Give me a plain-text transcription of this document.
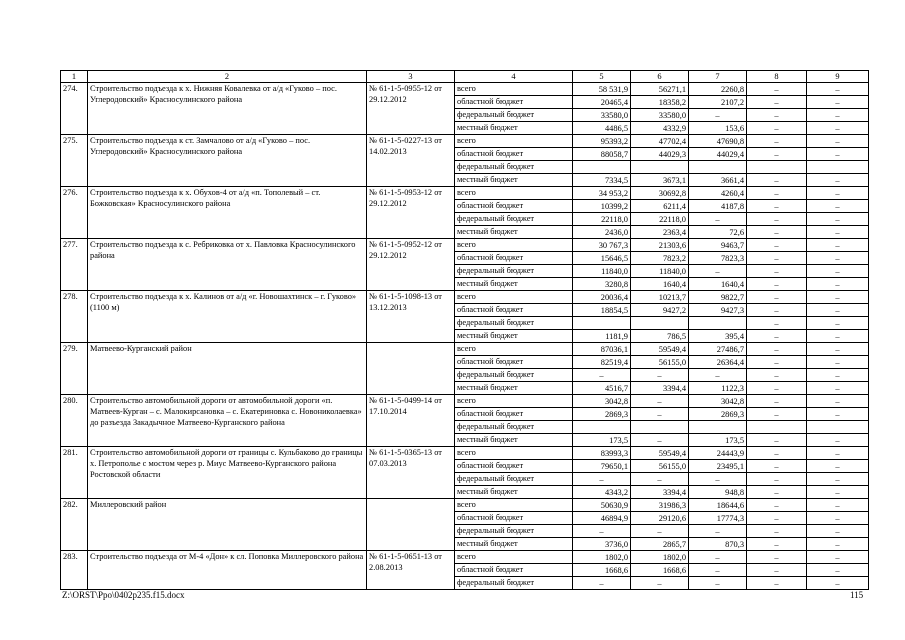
1	2	3	4	5	6	7	8	9
274.	Строительство подъезда к х. Нижняя Ковалевка от а/д «Гуково – пос. Углеродовский» Красносулинского района	№ 61-1-5-0955-12 от 29.12.2012	всего	58 531,9	56271,1	2260,8	–	–
			областной бюджет	20465,4	18358,2	2107,2	–	–
			федеральный бюджет	33580,0	33580,0	–	–	–
			местный бюджет	4486,5	4332,9	153,6	–	–
275.	Строительство подъезда к ст. Замчалово от а/д «Гуково – пос. Углеродовский» Красносулинского района	№ 61-1-5-0227-13 от 14.02.2013	всего	95393,2	47702,4	47690,8	–	–
			областной бюджет	88058,7	44029,3	44029,4	–	–
			федеральный бюджет					
			местный бюджет	7334,5	3673,1	3661,4	–	–
276.	Строительство подъезда к х. Обухов-4 от а/д «п. Тополевый – ст. Божковская» Красносулинского района	№ 61-1-5-0953-12 от 29.12.2012	всего	34 953,2	30692,8	4260,4	–	–
			областной бюджет	10399,2	6211,4	4187,8	–	–
			федеральный бюджет	22118,0	22118,0	–	–	–
			местный бюджет	2436,0	2363,4	72,6	–	–
277.	Строительство подъезда к с. Ребриковка от х. Павловка Красносулинского района	№ 61-1-5-0952-12 от 29.12.2012	всего	30 767,3	21303,6	9463,7	–	–
			областной бюджет	15646,5	7823,2	7823,3	–	–
			федеральный бюджет	11840,0	11840,0	–	–	–
			местный бюджет	3280,8	1640,4	1640,4	–	–
278.	Строительство подъезда к х. Калинов от а/д «г. Новошахтинск – г. Гуково» (1100 м)	№ 61-1-5-1098-13 от 13.12.2013	всего	20036,4	10213,7	9822,7	–	–
			областной бюджет	18854,5	9427,2	9427,3	–	–
			федеральный бюджет				–	–
			местный бюджет	1181,9	786,5	395,4	–	–
279.	Матвеево-Курганский район		всего	87036,1	59549,4	27486,7	–	–
			областной бюджет	82519,4	56155,0	26364,4	–	–
			федеральный бюджет	–	–	–	–	–
			местный бюджет	4516,7	3394,4	1122,3	–	–
280.	Строительство автомобильной дороги от автомобильной дороги «п. Матвеев-Курган – с. Малокирсановка – с. Екатериновка с. Новониколаевка» до разъезда Закадычное Матвеево-Курганского района	№ 61-1-5-0499-14 от 17.10.2014	всего	3042,8	–	3042,8	–	–
			областной бюджет	2869,3	–	2869,3	–	–
			федеральный бюджет					
			местный бюджет	173,5	–	173,5	–	–
281.	Строительство автомобильной дороги от границы с. Кульбаково до границы х. Петрополье с мостом через р. Миус Матвеево-Курганского района Ростовской области	№ 61-1-5-0365-13 от 07.03.2013	всего	83993,3	59549,4	24443,9	–	–
			областной бюджет	79650,1	56155,0	23495,1	–	–
			федеральный бюджет	–	–	–	–	–
			местный бюджет	4343,2	3394,4	948,8	–	–
282.	Миллеровский район		всего	50630,9	31986,3	18644,6	–	–
			областной бюджет	46894,9	29120,6	17774,3	–	–
			федеральный бюджет	–	–	–	–	–
			местный бюджет	3736,0	2865,7	870,3	–	–
283.	Строительство подъезда от М-4 «Дон» к сл. Поповка Миллеровского района	№ 61-1-5-0651-13 от 2.08.2013	всего	1802,0	1802,0	–	–	–
			областной бюджет	1668,6	1668,6	–	–	–
			федеральный бюджет	–	–	–	–	–
Z:\ORST\Ppo\0402p235.f15.docx	115
